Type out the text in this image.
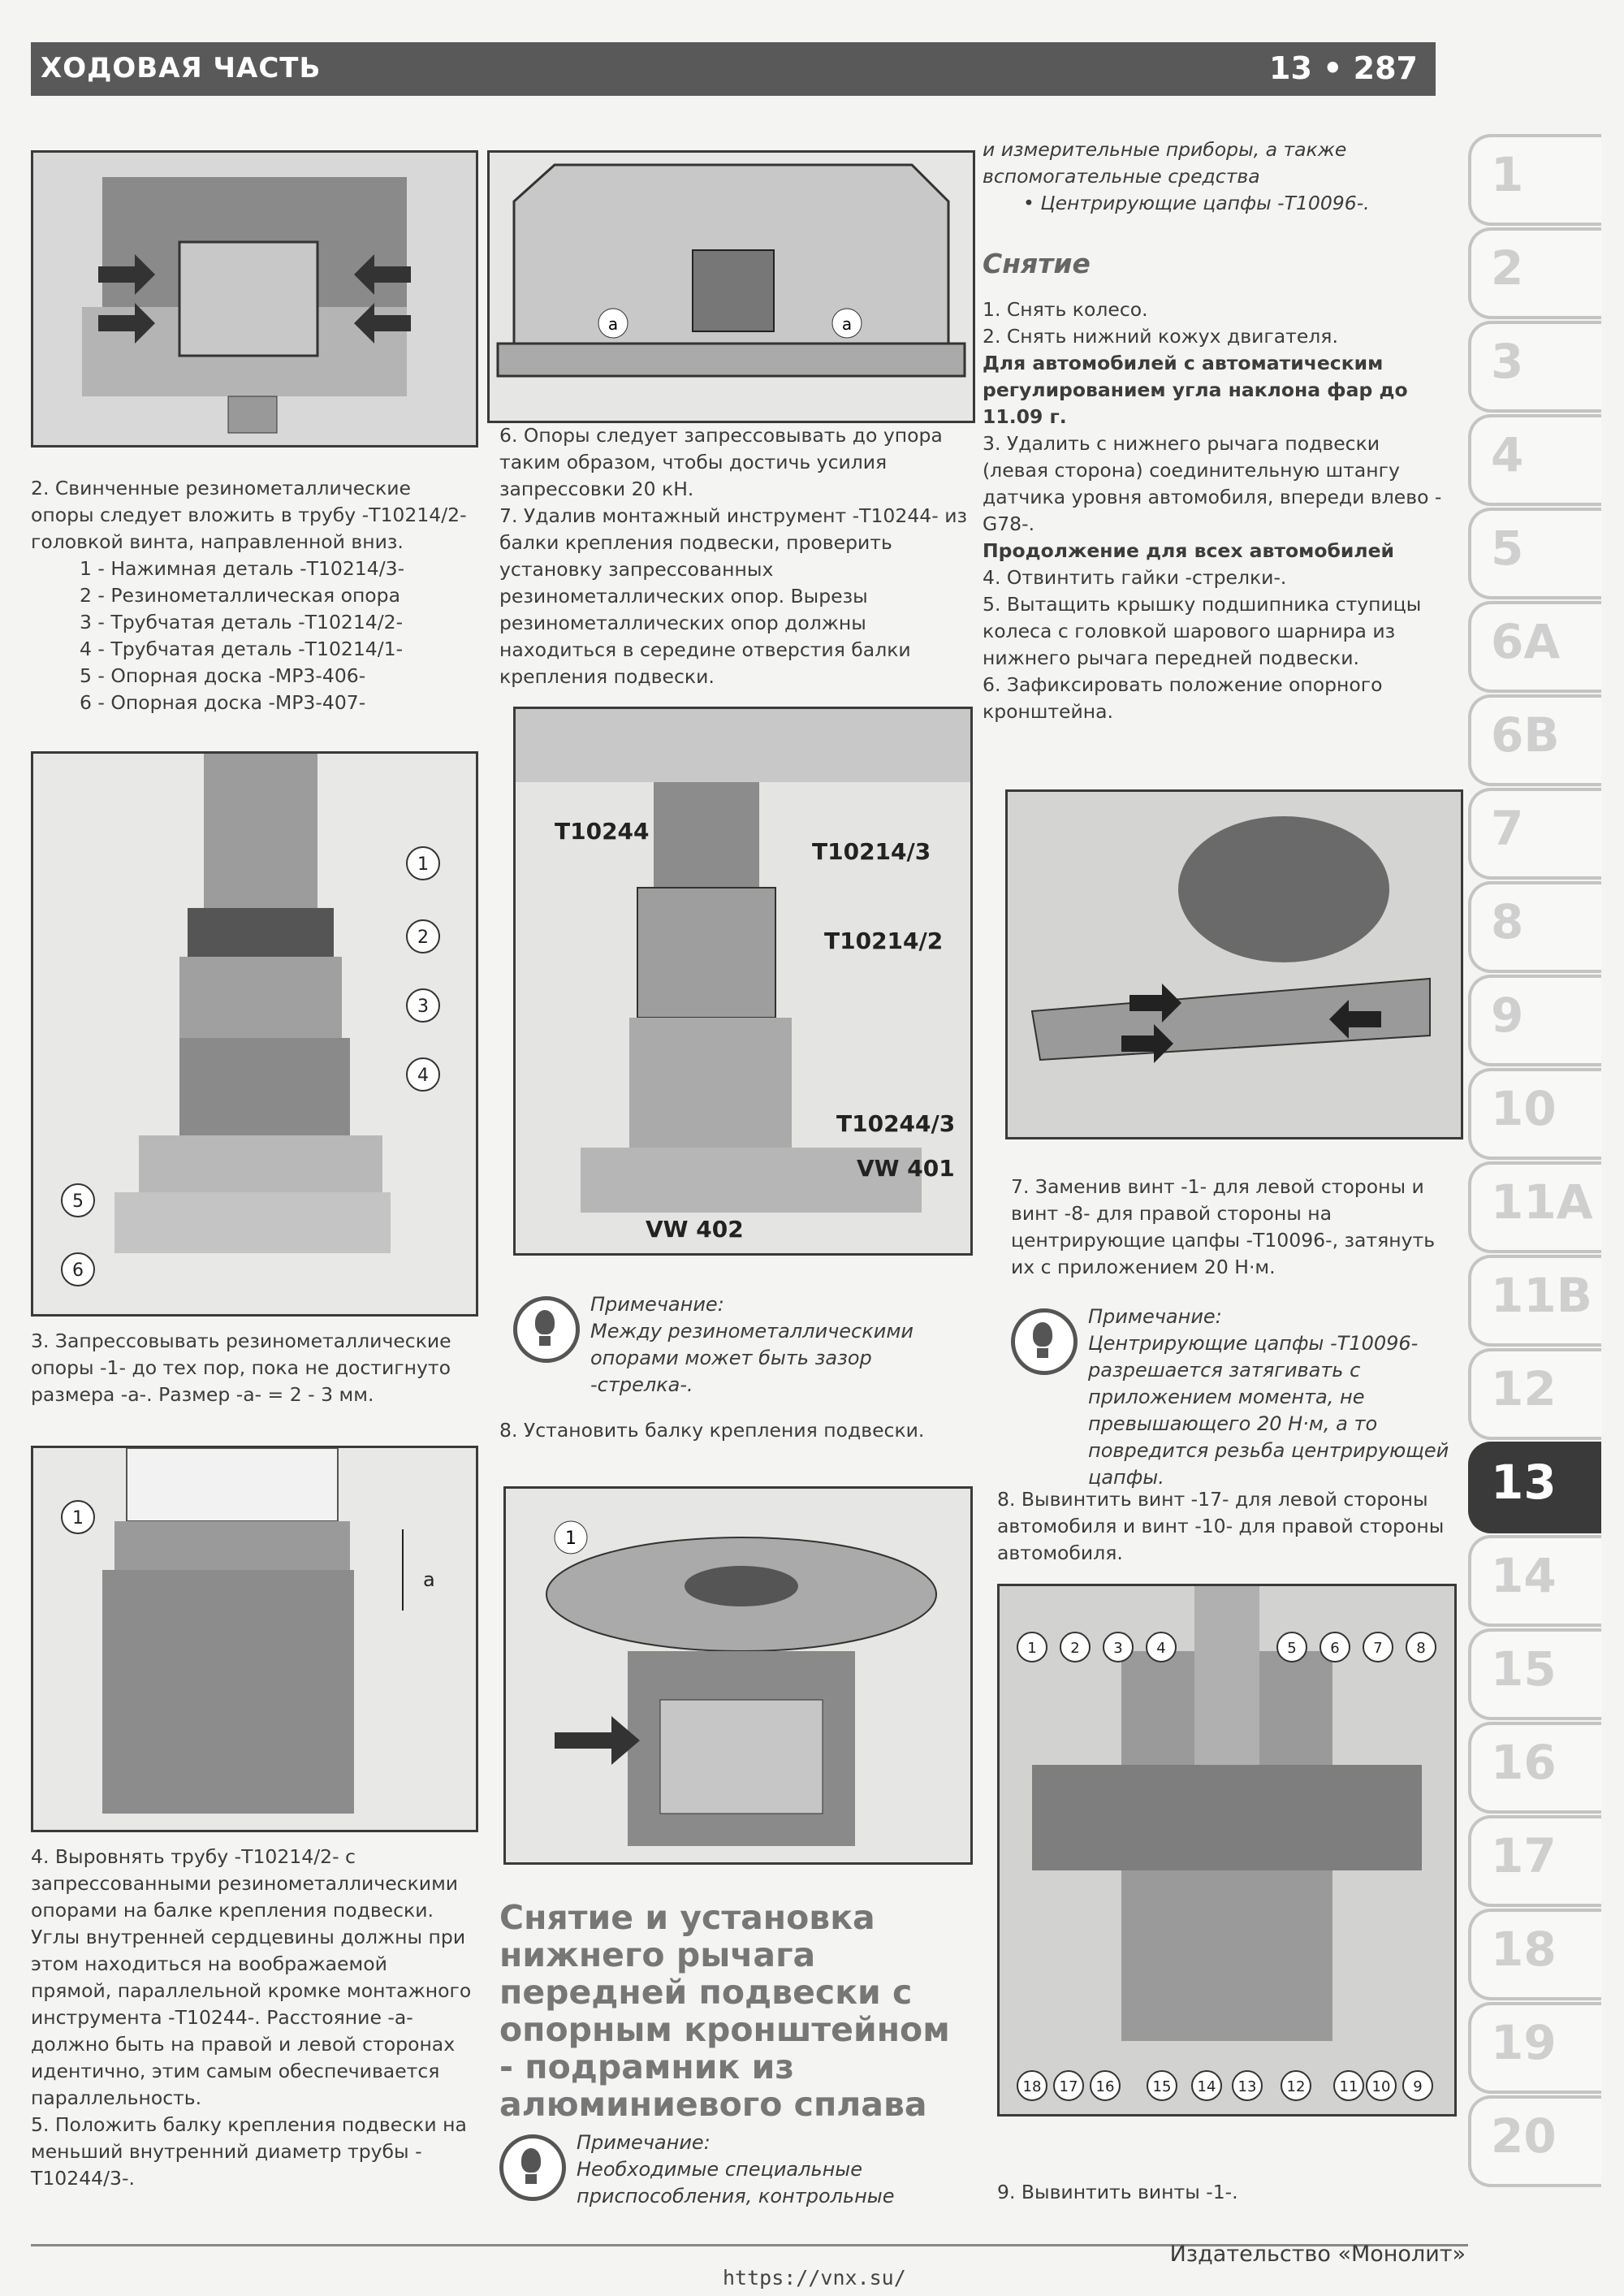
ХОДОВАЯ ЧАСТЬ	13 • 287

2. Свинченные резинометаллические опоры следует вложить в трубу -T10214/2- головкой винта, направленной вниз.

1 - Нажимная деталь -T10214/3-

2 - Резинометаллическая опора

3 - Трубчатая деталь -T10214/2-

4 - Трубчатая деталь -T10214/1-

5 - Опорная доска -MP3-406-

6 - Опорная доска -MP3-407-

1
2
3
4
5
6

3. Запрессовывать резинометаллические опоры -1- до тех пор, пока не достигнуто размера -а-. Размер -а- = 2 - 3 мм.

a
1

4. Выровнять трубу -T10214/2- с запрессованными резинометаллическими опорами на балке крепления подвески. Углы внутренней сердцевины должны при этом находиться на воображаемой прямой, параллельной кромке монтажного инструмента -T10244-. Расстояние -а- должно быть на правой и левой сторонах идентично, этим самым обеспечивается параллельность.

5. Положить балку крепления подвески на меньший внутренний диаметр трубы -T10244/3-.

a	a

6. Опоры следует запрессовывать до упора таким образом, чтобы достичь усилия запрессовки 20 кН.

7. Удалив монтажный инструмент -T10244- из балки крепления подвески, проверить установку запрессованных резинометаллических опор. Вырезы резинометаллических опор должны находиться в середине отверстия балки крепления подвески.

T10244
T10214/3
T10214/2
T10244/3
VW 401
VW 402

Примечание:

Между резинометаллическими опорами может быть зазор -стрелка-.

8. Установить балку крепления подвески.

1
Снятие и установка нижнего рычага передней подвески с опорным кронштейном - подрамник из алюминиевого сплава

Примечание:

Необходимые специальные приспособления, контрольные

и измерительные приборы, а также вспомогательные средства

• Центрирующие цапфы -T10096-.

Снятие

1. Снять колесо.

2. Снять нижний кожух двигателя.

Для автомобилей с автоматическим регулированием угла наклона фар до 11.09 г.

3. Удалить с нижнего рычага подвески (левая сторона) соединительную штангу датчика уровня автомобиля, впереди влево -G78-.

Продолжение для всех автомобилей

4. Отвинтить гайки -стрелки-.

5. Вытащить крышку подшипника ступицы колеса с головкой шарового шарнира из нижнего рычага передней подвески.

6. Зафиксировать положение опорного кронштейна.

7. Заменив винт -1- для левой стороны и винт -8- для правой стороны на центрирующие цапфы -T10096-, затянуть их с приложением 20 Н·м.

Примечание:

Центрирующие цапфы -T10096- разрешается затягивать с приложением момента, не превышающего 20 Н·м, а то повредится резьба центрирующей цапфы.

8. Вывинтить винт -17- для левой стороны автомобиля и винт -10- для правой стороны автомобиля.

1 2 3 4	5 6 7 8
18 17 16	15 14 13 12 11 10 9

9. Вывинтить винты -1-.

1
2
3
4
5
6A
6B
7
8
9
10
11A
11B
12
13
14
15
16
17
18
19
20
Издательство «Монолит»
https://vnx.su/
